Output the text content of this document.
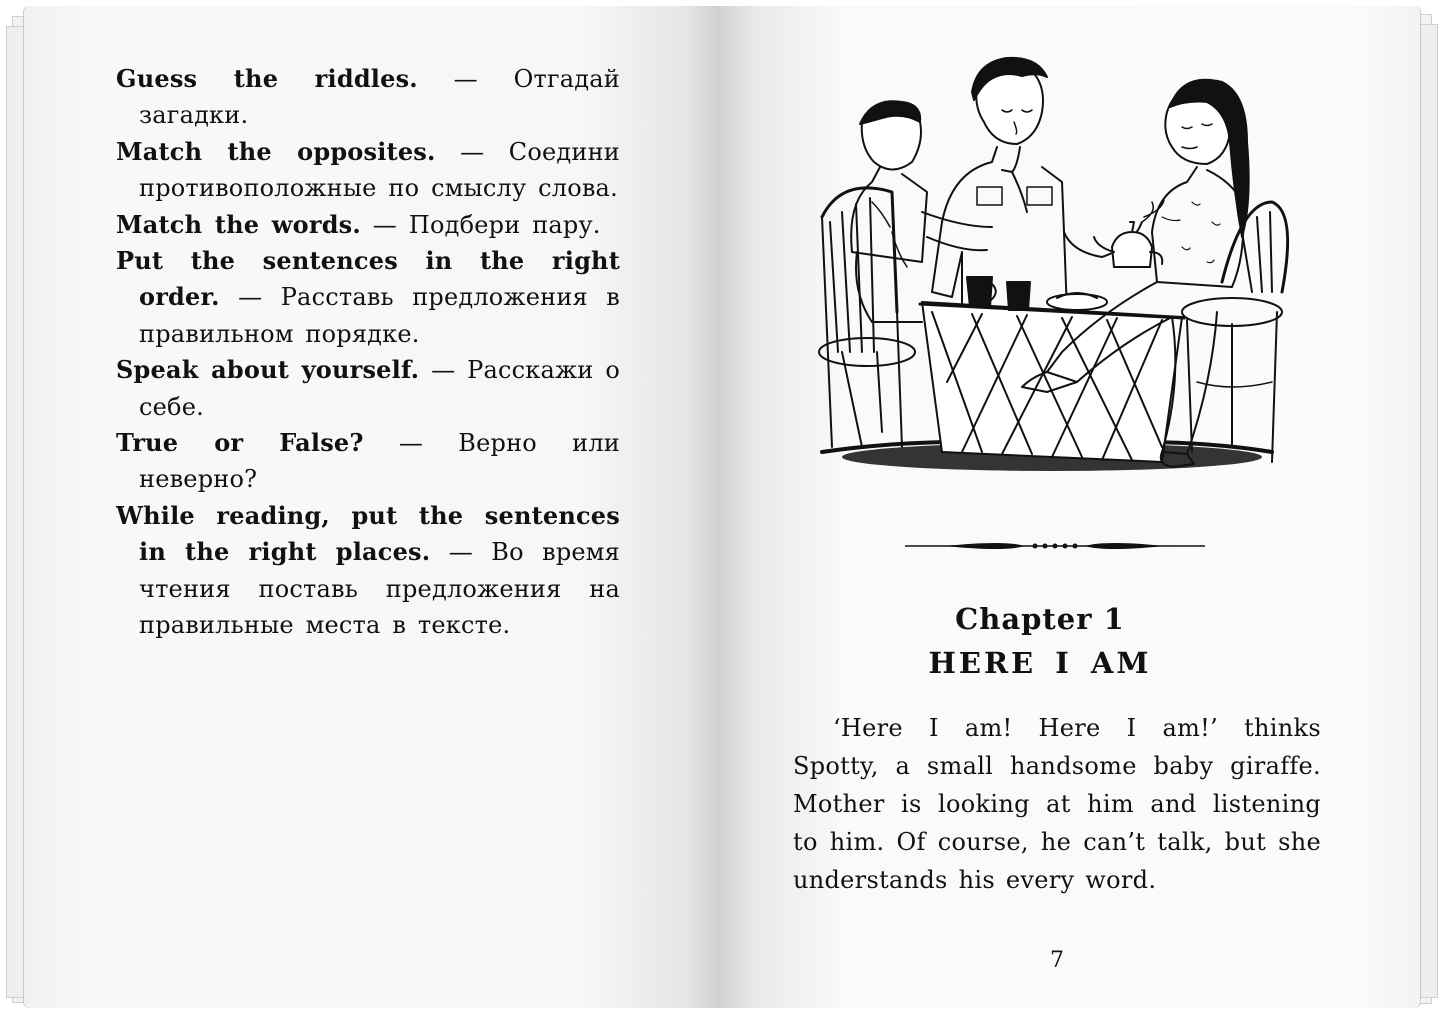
Guess the riddles. — Отгадай загадки.

Match the opposites. — Соедини противоположные по смыслу слова.

Match the words. — Подбери пару.

Put the sentences in the right order. — Расставь предложения в правильном порядке.

Speak about yourself. — Расскажи о себе.

True or False? — Верно или неверно?

While reading, put the sentences in the right places. — Во время чтения поставь предложения на правильные места в тексте.	Chapter 1
HERE I AM

‘Here I am! Here I am!’ thinks Spotty, a small handsome baby giraffe. Mother is looking at him and listening to him. Of course, he can’t talk, but she understands his every word.

7
